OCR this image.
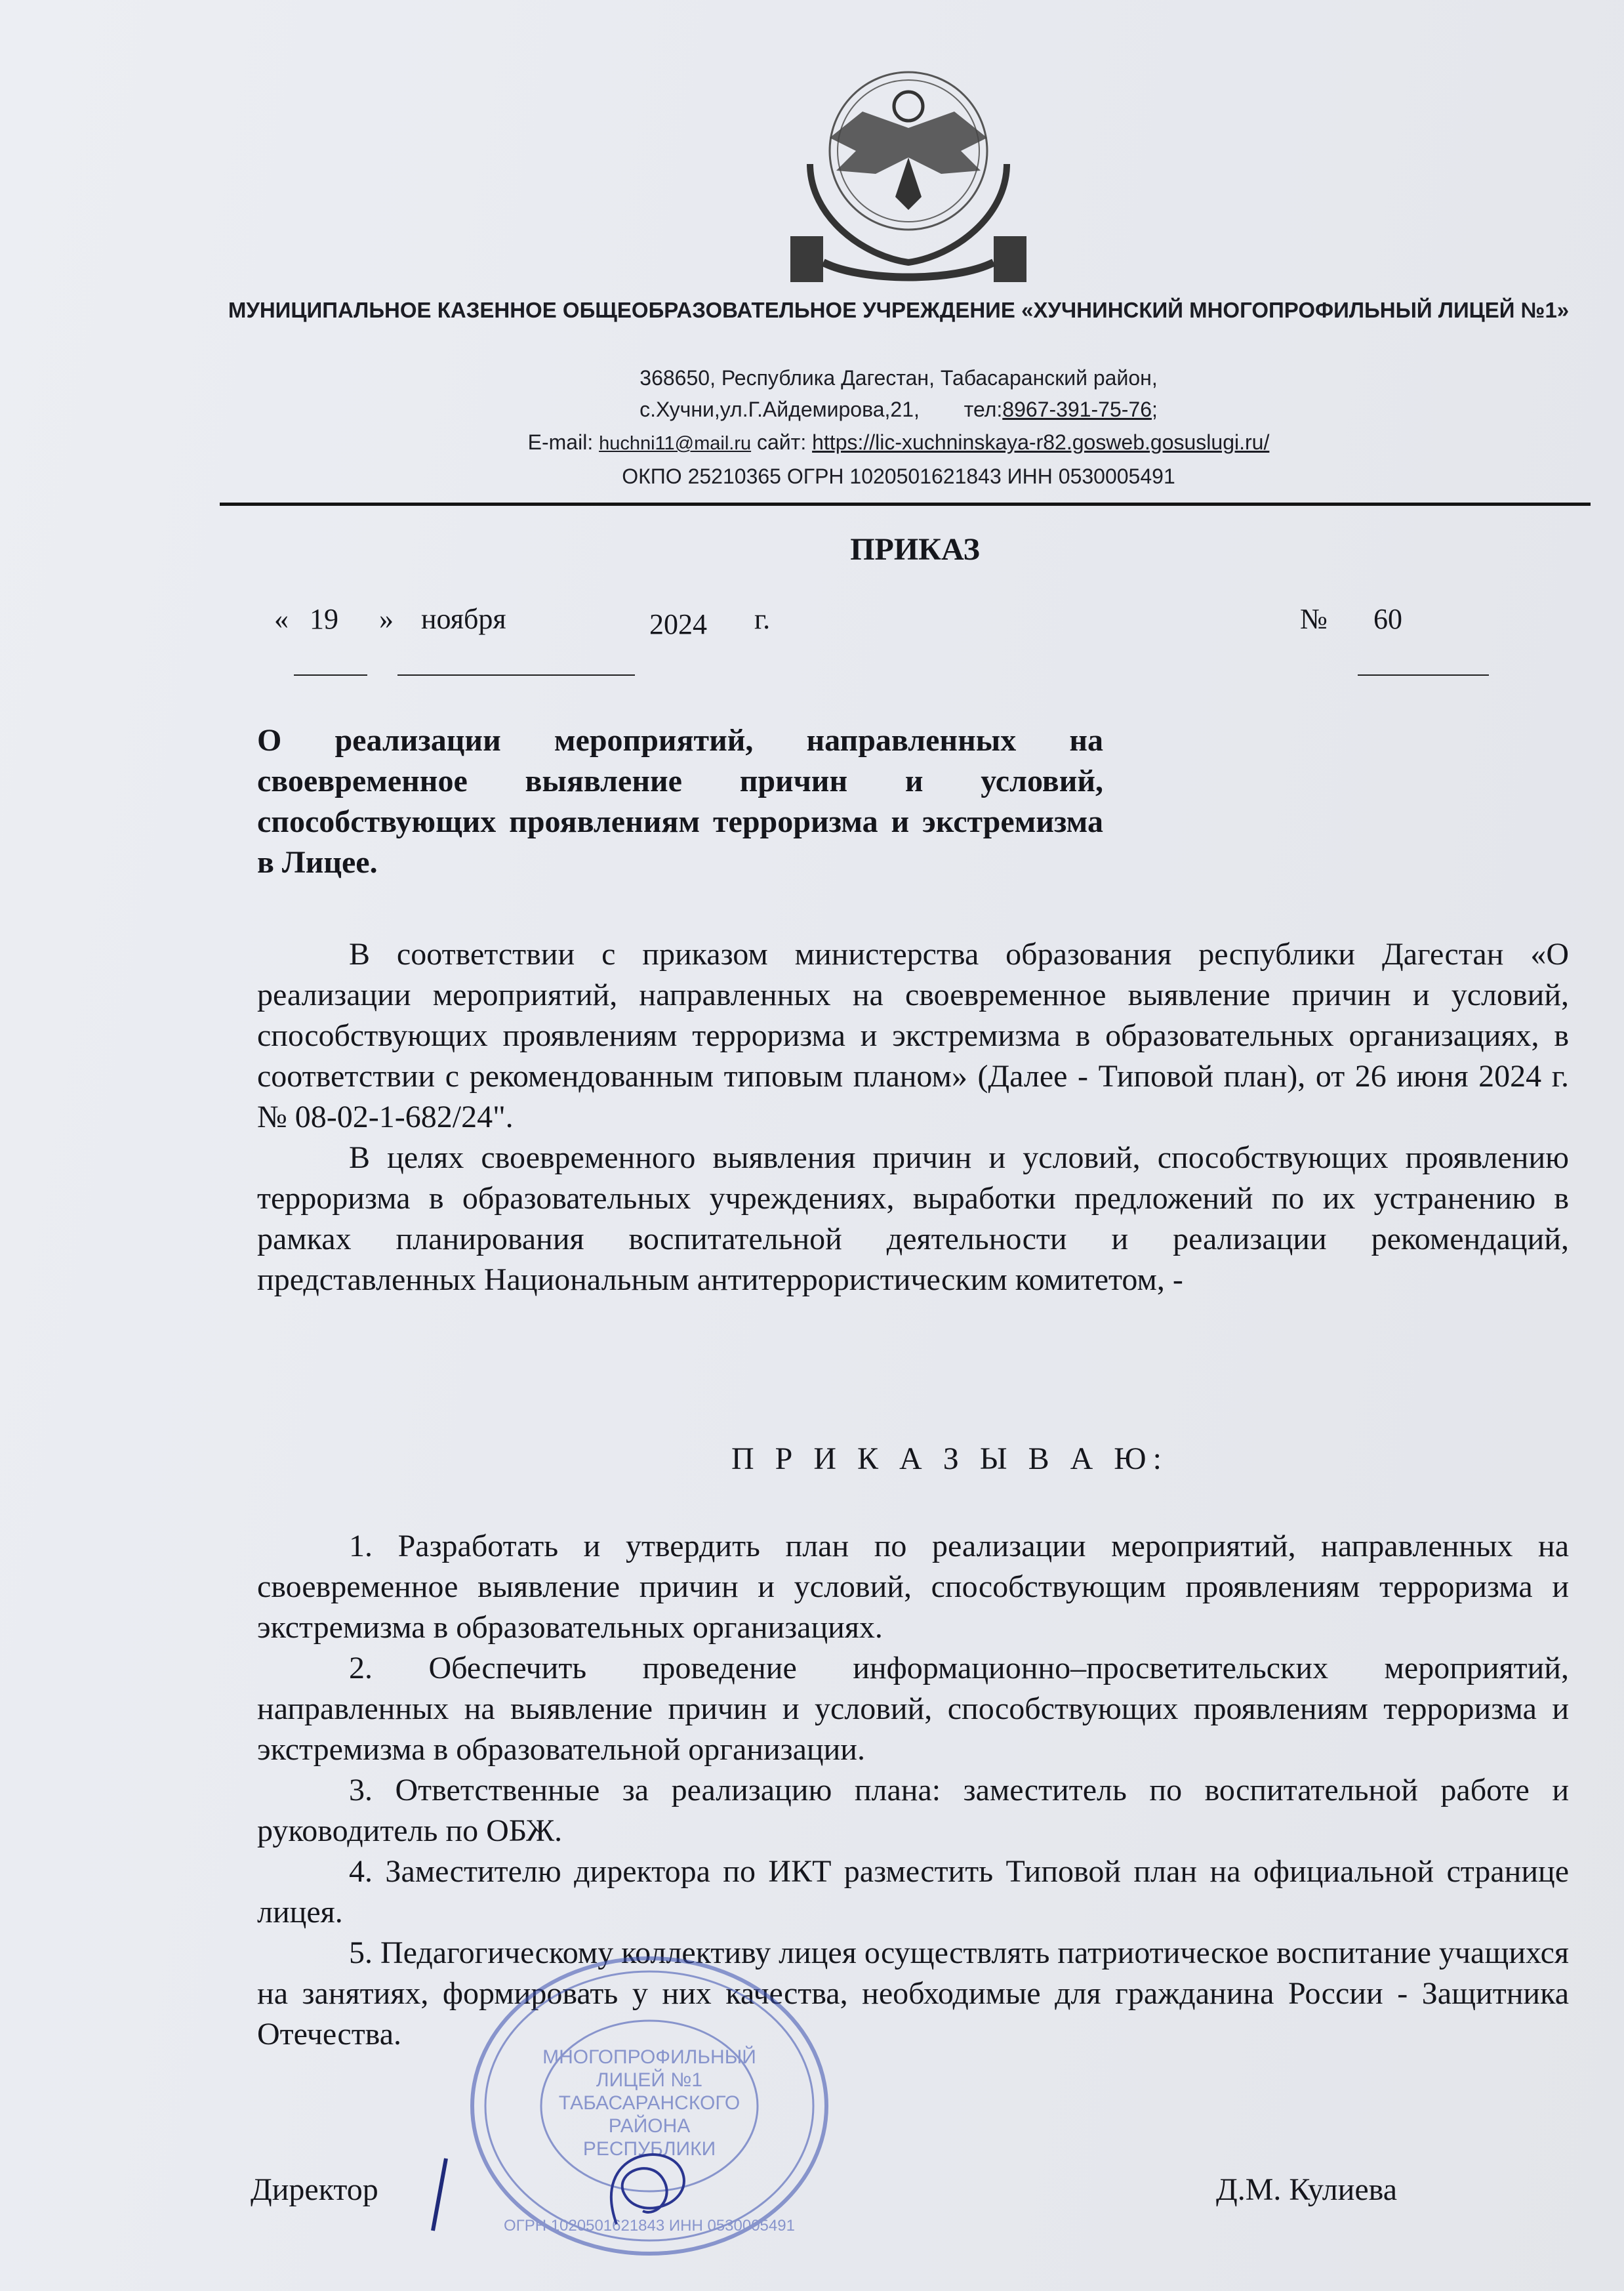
МУНИЦИПАЛЬНОЕ КАЗЕННОЕ ОБЩЕОБРАЗОВАТЕЛЬНОЕ УЧРЕЖДЕНИЕ «ХУЧНИНСКИЙ МНОГОПРОФИЛЬНЫЙ ЛИЦЕЙ №1»
368650, Республика Дагестан, Табасаранский район,
с.Хучни,ул.Г.Айдемирова,21, тел:8967-391-75-76;
E-mail: huchni11@mail.ru сайт: https://lic-xuchninskaya-r82.gosweb.gosuslugi.ru/
ОКПО 25210365 ОГРН 1020501621843 ИНН 0530005491
ПРИКАЗ
« 19 » ноября	2024 г.	№ 60
О реализации мероприятий, направленных на своевременное выявление причин и условий, способствующих проявлениям терроризма и экстремизма в Лицее.

В соответствии с приказом министерства образования республики Дагестан «О реализации мероприятий, направленных на своевременное выявление причин и условий, способствующих проявлениям терроризма и экстремизма в образовательных организациях, в соответствии с рекомендованным типовым планом» (Далее - Типовой план), от 26 июня 2024 г. № 08-02-1-682/24".

В целях своевременного выявления причин и условий, способствующих проявлению терроризма в образовательных учреждениях, выработки предложений по их устранению в рамках планирования воспитательной деятельности и реализации рекомендаций, представленных Национальным антитеррористическим комитетом, -

П Р И К А З Ы В А Ю:

1. Разработать и утвердить план по реализации мероприятий, направленных на своевременное выявление причин и условий, способствующим проявлениям терроризма и экстремизма в образовательных организациях.

2. Обеспечить проведение информационно–просветительских мероприятий, направленных на выявление причин и условий, способствующих проявлениям терроризма и экстремизма в образовательной организации.

3. Ответственные за реализацию плана: заместитель по воспитательной работе и руководитель по ОБЖ.

4. Заместителю директора по ИКТ разместить Типовой план на официальной странице лицея.

5. Педагогическому коллективу лицея осуществлять патриотическое воспитание учащихся на занятиях, формировать у них качества, необходимые для гражданина России - Защитника Отечества.

МНОГОПРОФИЛЬНЫЙ
ЛИЦЕЙ №1
ТАБАСАРАНСКОГО
РАЙОНА
РЕСПУБЛИКИ
ОГРН 1020501621843 ИНН 0530005491
Директор	Д.М. Кулиева
